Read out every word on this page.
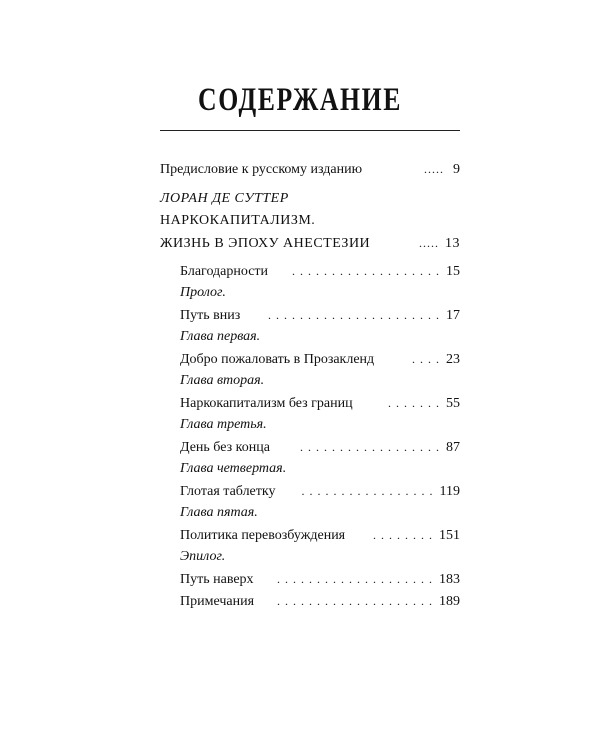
СОДЕРЖАНИЕ
Предисловие к русскому изданию	..... 9
ЛОРАН ДЕ СУТТЕР
НАРКОКАПИТАЛИЗМ.
ЖИЗНЬ В ЭПОХУ АНЕСТЕЗИИ	..... 13
Благодарности	. . . . . . . . . . . . . . . . . . . 15
Пролог.
Путь вниз	. . . . . . . . . . . . . . . . . . . . . . 17
Глава первая.
Добро пожаловать в Прозакленд	. . . . 23
Глава вторая.
Наркокапитализм без границ	. . . . . . . 55
Глава третья.
День без конца	. . . . . . . . . . . . . . . . . . 87
Глава четвертая.
Глотая таблетку	. . . . . . . . . . . . . . . . . 119
Глава пятая.
Политика перевозбуждения	. . . . . . . . 151
Эпилог.
Путь наверх	. . . . . . . . . . . . . . . . . . . . 183
Примечания	. . . . . . . . . . . . . . . . . . . . 189
